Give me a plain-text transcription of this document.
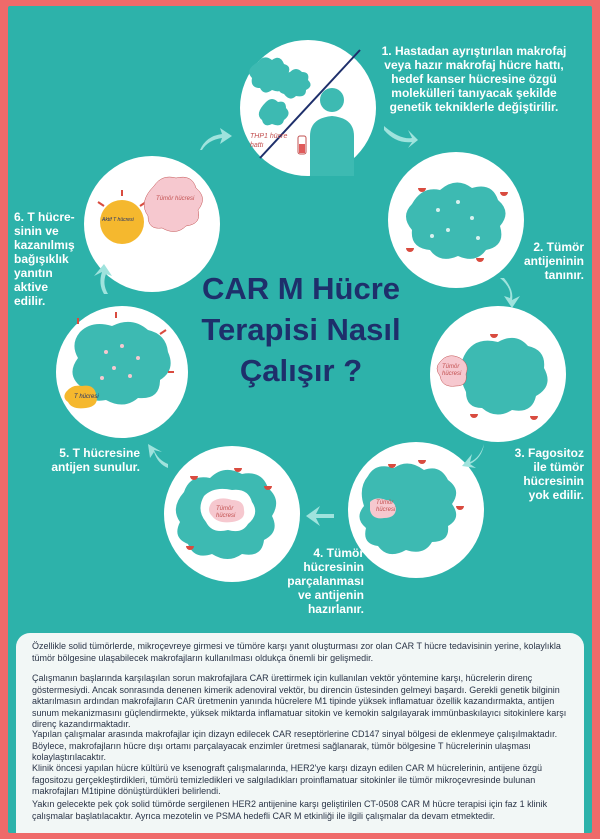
CAR M Hücre
Terapisi Nasıl
Çalışır ?
THP1 hücre
hattı
Tümör
hücresi
Tümör
hücresi
Tümör
hücresi
T hücresi
Aktif T hücresi
Tümör hücresi
1. Hastadan ayrıştırılan makrofaj
veya hazır makrofaj hücre hattı,
hedef kanser hücresine özgü
molekülleri tanıyacak şekilde
genetik tekniklerle değiştirilir.
2. Tümör
antijeninin
tanınır.
3. Fagositoz
ile tümör
hücresinin
yok edilir.
4. Tümör
hücresinin
parçalanması
ve antijenin
hazırlanır.
5. T hücresine
antijen sunulur.
6. T hücre-
sinin ve
kazanılmış
bağışıklık
yanıtın
aktive
edilir.

Özellikle solid tümörlerde, mikroçevreye girmesi ve tümöre karşı yanıt oluşturması zor olan CAR T hücre tedavisinin yerine, kolaylıkla tümör bölgesine ulaşabilecek makrofajların kullanılması oldukça önemli bir gelişmedir.

Çalışmanın başlarında karşılaşılan sorun makrofajlara CAR ürettirmek için kullanılan vektör yöntemine karşı, hücrelerin direnç göstermesiydi. Ancak sonrasında denenen kimerik adenoviral vektör, bu direncin üstesinden gelmeyi başardı. Gerekli genetik bilginin aktarılmasın ardından makrofajların CAR üretmenin yanında hücrelere M1 tipinde yüksek inflamatuar özellik kazandırmakta, antijen sunum mekanizmasını güçlendirmekte, yüksek miktarda inflamatuar sitokin ve kemokin salgılayarak immünbaskılayıcı sitokinlere karşı direnç kazandırmaktadır.

Yapılan çalışmalar arasında makrofajlar için dizayn edilecek CAR reseptörlerine CD147 sinyal bölgesi de eklenmeye çalışılmaktadır. Böylece, makrofajların hücre dışı ortamı parçalayacak enzimler üretmesi sağlanarak, tümör bölgesine T hücrelerinin ulaşması kolaylaştırılacaktır.

Klinik öncesi yapılan hücre kültürü ve ksenograft çalışmalarında, HER2'ye karşı dizayn edilen CAR M hücrelerinin, antijene özgü fagositozu gerçekleştirdikleri, tümörü temizledikleri ve salgıladıkları proinflamatuar sitokinler ile tümör mikroçevresinde bulunan makrofajları M1tipine dönüştürdükleri belirlendi.

Yakın gelecekte pek çok solid tümörde sergilenen HER2 antijenine karşı geliştirilen CT-0508 CAR M hücre terapisi için faz 1 klinik çalışmalar başlatılacaktır. Ayrıca mezotelin ve PSMA hedefli CAR M etkinliği ile ilgili çalışmalar da devam etmektedir.
